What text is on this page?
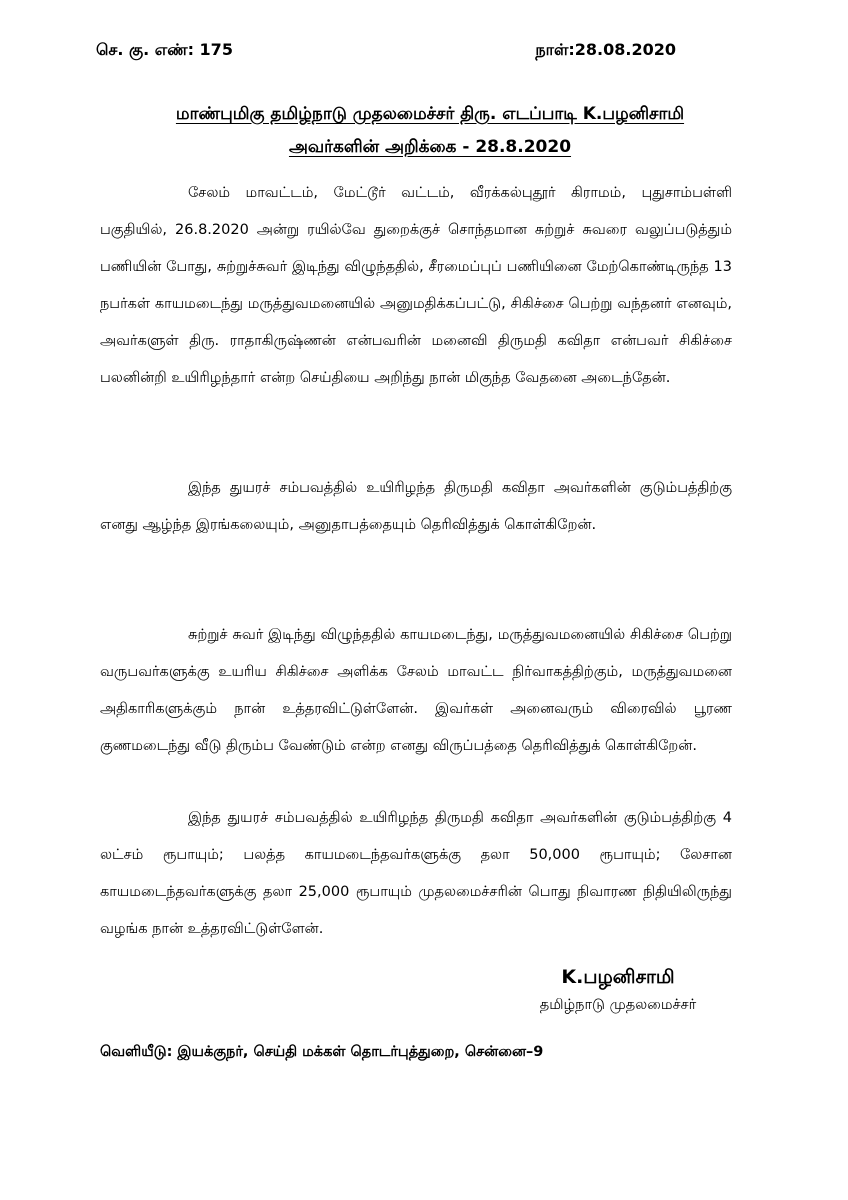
செ. கு. எண்: 175	நாள்:28.08.2020
மாண்புமிகு தமிழ்நாடு முதலமைச்சர் திரு. எடப்பாடி K.பழனிசாமி
அவர்களின் அறிக்கை - 28.8.2020

சேலம் மாவட்டம், மேட்டூர் வட்டம், வீரக்கல்புதூர் கிராமம், புதுசாம்பள்ளி பகுதியில், 26.8.2020 அன்று ரயில்வே துறைக்குச் சொந்தமான சுற்றுச் சுவரை வலுப்படுத்தும் பணியின் போது, சுற்றுச்சுவர் இடிந்து விழுந்ததில், சீரமைப்புப் பணியினை மேற்கொண்டிருந்த 13 நபர்கள் காயமடைந்து மருத்துவமனையில் அனுமதிக்கப்பட்டு, சிகிச்சை பெற்று வந்தனர் எனவும், அவர்களுள் திரு. ராதாகிருஷ்ணன் என்பவரின் மனைவி திருமதி கவிதா என்பவர் சிகிச்சை பலனின்றி உயிரிழந்தார் என்ற செய்தியை அறிந்து நான் மிகுந்த வேதனை அடைந்தேன்.

இந்த துயரச் சம்பவத்தில் உயிரிழந்த திருமதி கவிதா அவர்களின் குடும்பத்திற்கு எனது ஆழ்ந்த இரங்கலையும், அனுதாபத்தையும் தெரிவித்துக் கொள்கிறேன்.

சுற்றுச் சுவர் இடிந்து விழுந்ததில் காயமடைந்து, மருத்துவமனையில் சிகிச்சை பெற்று வருபவர்களுக்கு உயரிய சிகிச்சை அளிக்க சேலம் மாவட்ட நிர்வாகத்திற்கும், மருத்துவமனை அதிகாரிகளுக்கும் நான் உத்தரவிட்டுள்ளேன். இவர்கள் அனைவரும் விரைவில் பூரண குணமடைந்து வீடு திரும்ப வேண்டும் என்ற எனது விருப்பத்தை தெரிவித்துக் கொள்கிறேன்.

இந்த துயரச் சம்பவத்தில் உயிரிழந்த திருமதி கவிதா அவர்களின் குடும்பத்திற்கு 4 லட்சம் ரூபாயும்; பலத்த காயமடைந்தவர்களுக்கு தலா 50,000 ரூபாயும்; லேசான காயமடைந்தவர்களுக்கு தலா 25,000 ரூபாயும் முதலமைச்சரின் பொது நிவாரண நிதியிலிருந்து வழங்க நான் உத்தரவிட்டுள்ளேன்.

K.பழனிசாமி
தமிழ்நாடு முதலமைச்சர்
வெளியீடு: இயக்குநர், செய்தி மக்கள் தொடர்புத்துறை, சென்னை–9
